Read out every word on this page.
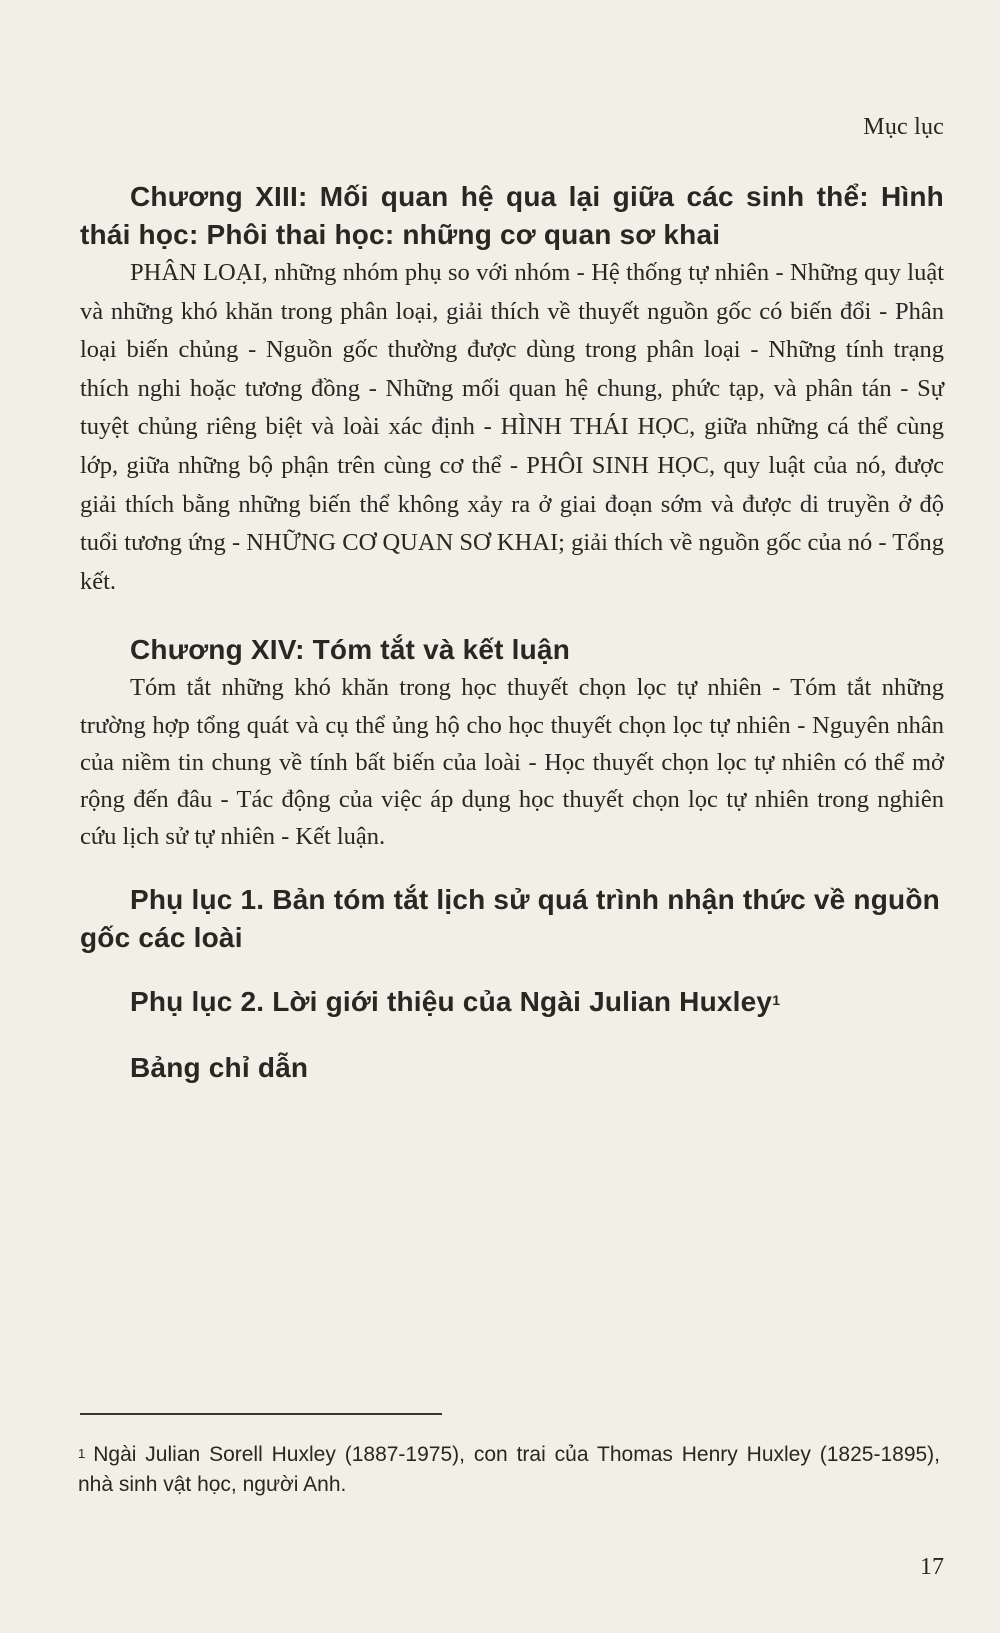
Mục lục
Chương XIII: Mối quan hệ qua lại giữa các sinh thể: Hình thái học: Phôi thai học: những cơ quan sơ khai

PHÂN LOẠI, những nhóm phụ so với nhóm - Hệ thống tự nhiên - Những quy luật và những khó khăn trong phân loại, giải thích về thuyết nguồn gốc có biến đổi - Phân loại biến chủng - Nguồn gốc thường được dùng trong phân loại - Những tính trạng thích nghi hoặc tương đồng - Những mối quan hệ chung, phức tạp, và phân tán - Sự tuyệt chủng riêng biệt và loài xác định - HÌNH THÁI HỌC, giữa những cá thể cùng lớp, giữa những bộ phận trên cùng cơ thể - PHÔI SINH HỌC, quy luật của nó, được giải thích bằng những biến thể không xảy ra ở giai đoạn sớm và được di truyền ở độ tuổi tương ứng - NHỮNG CƠ QUAN SƠ KHAI; giải thích về nguồn gốc của nó - Tổng kết.

Chương XIV: Tóm tắt và kết luận

Tóm tắt những khó khăn trong học thuyết chọn lọc tự nhiên - Tóm tắt những trường hợp tổng quát và cụ thể ủng hộ cho học thuyết chọn lọc tự nhiên - Nguyên nhân của niềm tin chung về tính bất biến của loài - Học thuyết chọn lọc tự nhiên có thể mở rộng đến đâu - Tác động của việc áp dụng học thuyết chọn lọc tự nhiên trong nghiên cứu lịch sử tự nhiên - Kết luận.

Phụ lục 1. Bản tóm tắt lịch sử quá trình nhận thức về nguồn gốc các loài
Phụ lục 2. Lời giới thiệu của Ngài Julian Huxley$^1$
Bảng chỉ dẫn
$^1$ Ngài Julian Sorell Huxley (1887-1975), con trai của Thomas Henry Huxley (1825-1895), nhà sinh vật học, người Anh.
17
